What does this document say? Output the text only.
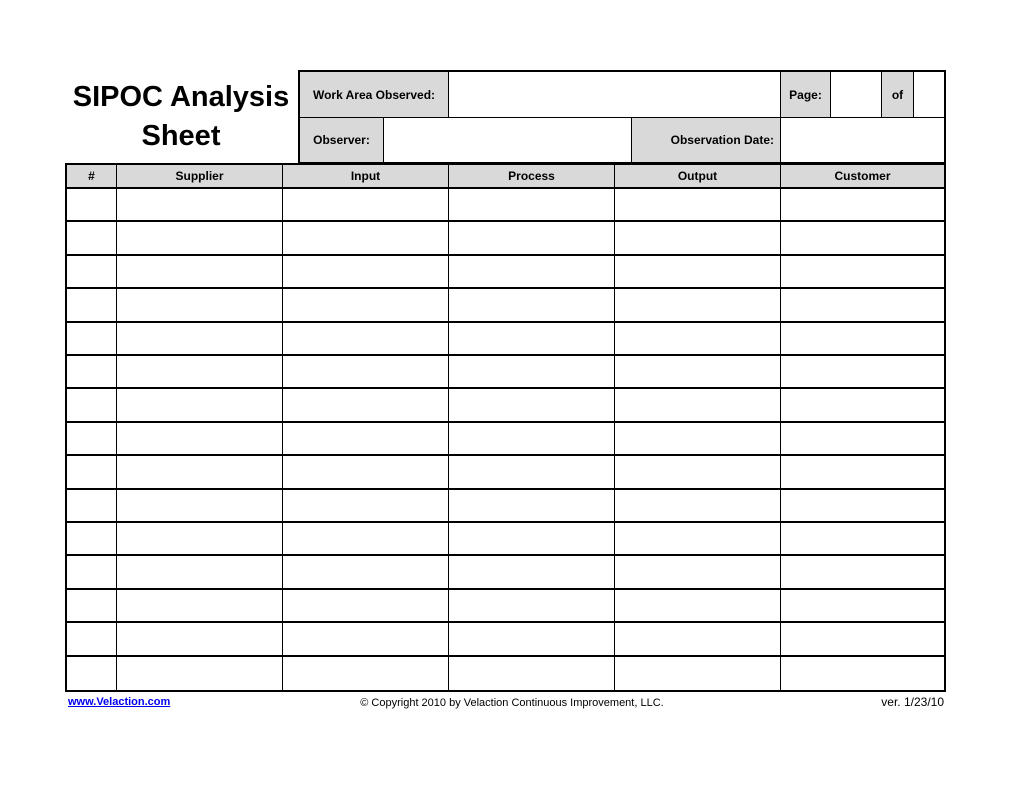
SIPOC Analysis
Sheet
Work Area Observed:	Page:	of
Observer:	Observation Date:
#	Supplier	Input	Process	Output	Customer
www.Velaction.com	© Copyright 2010 by Velaction Continuous Improvement, LLC.	ver. 1/23/10
